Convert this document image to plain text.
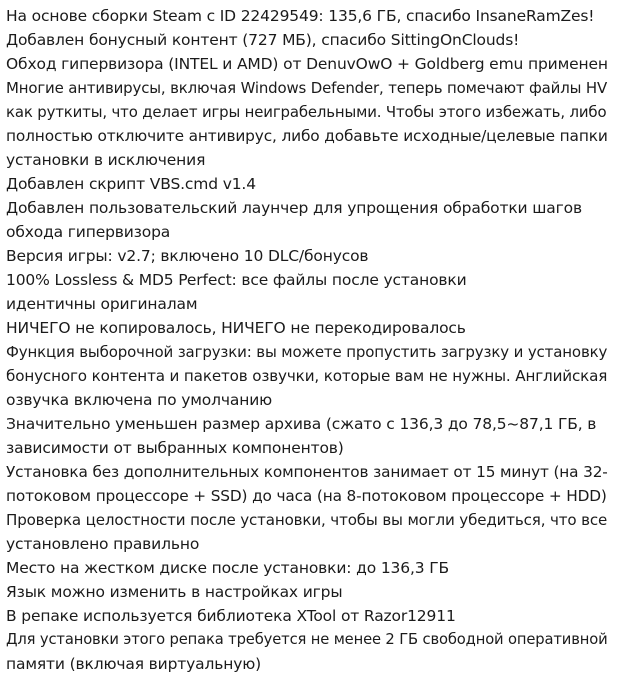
На основе сборки Steam с ID 22429549: 135,6 ГБ, спасибо InsaneRamZes!
Добавлен бонусный контент (727 МБ), спасибо SittingOnClouds!
Обход гипервизора (INTEL и AMD) от DenuvOwO + Goldberg emu применен
Многие антивирусы, включая Windows Defender, теперь помечают файлы HV
как руткиты, что делает игры неиграбельными. Чтобы этого избежать, либо
полностью отключите антивирус, либо добавьте исходные/целевые папки
установки в исключения
Добавлен скрипт VBS.cmd v1.4
Добавлен пользовательский лаунчер для упрощения обработки шагов
обхода гипервизора
Версия игры: v2.7; включено 10 DLC/бонусов
100% Lossless & MD5 Perfect: все файлы после установки
идентичны оригиналам
НИЧЕГО не копировалось, НИЧЕГО не перекодировалось
Функция выборочной загрузки: вы можете пропустить загрузку и установку
бонусного контента и пакетов озвучки, которые вам не нужны. Английская
озвучка включена по умолчанию
Значительно уменьшен размер архива (сжато с 136,3 до 78,5~87,1 ГБ, в
зависимости от выбранных компонентов)
Установка без дополнительных компонентов занимает от 15 минут (на 32-
потоковом процессоре + SSD) до часа (на 8-потоковом процессоре + HDD)
Проверка целостности после установки, чтобы вы могли убедиться, что все
установлено правильно
Место на жестком диске после установки: до 136,3 ГБ
Язык можно изменить в настройках игры
В репаке используется библиотека XTool от Razor12911
Для установки этого репака требуется не менее 2 ГБ свободной оперативной
памяти (включая виртуальную)
